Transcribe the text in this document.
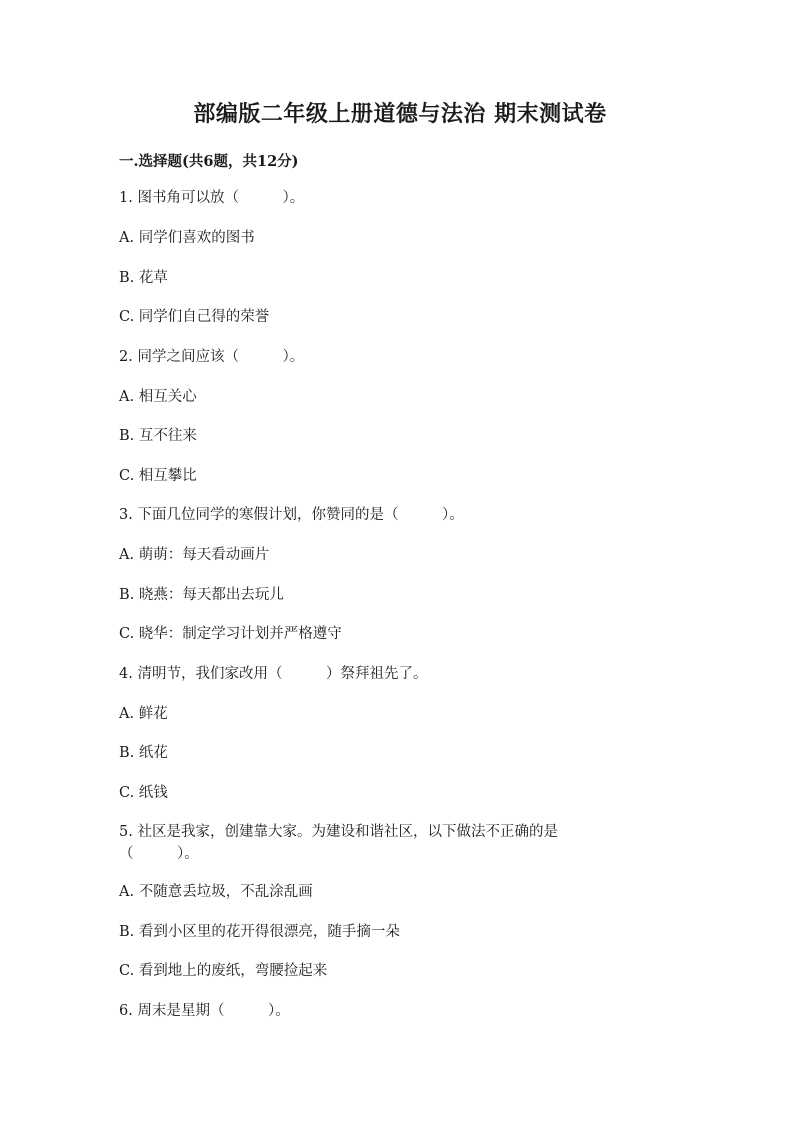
部编版二年级上册道德与法治 期末测试卷
一.选择题(共6题，共12分)
1. 图书角可以放（　　　）。
A. 同学们喜欢的图书
B. 花草
C. 同学们自己得的荣誉
2. 同学之间应该（　　　）。
A. 相互关心
B. 互不往来
C. 相互攀比
3. 下面几位同学的寒假计划，你赞同的是（　　　）。
A. 萌萌：每天看动画片
B. 晓燕：每天都出去玩儿
C. 晓华：制定学习计划并严格遵守
4. 清明节，我们家改用（　　　）祭拜祖先了。
A. 鲜花
B. 纸花
C. 纸钱
5. 社区是我家，创建靠大家。为建设和谐社区，以下做法不正确的是
（　　　）。
A. 不随意丢垃圾，不乱涂乱画
B. 看到小区里的花开得很漂亮，随手摘一朵
C. 看到地上的废纸，弯腰捡起来
6. 周末是星期（　　　）。
